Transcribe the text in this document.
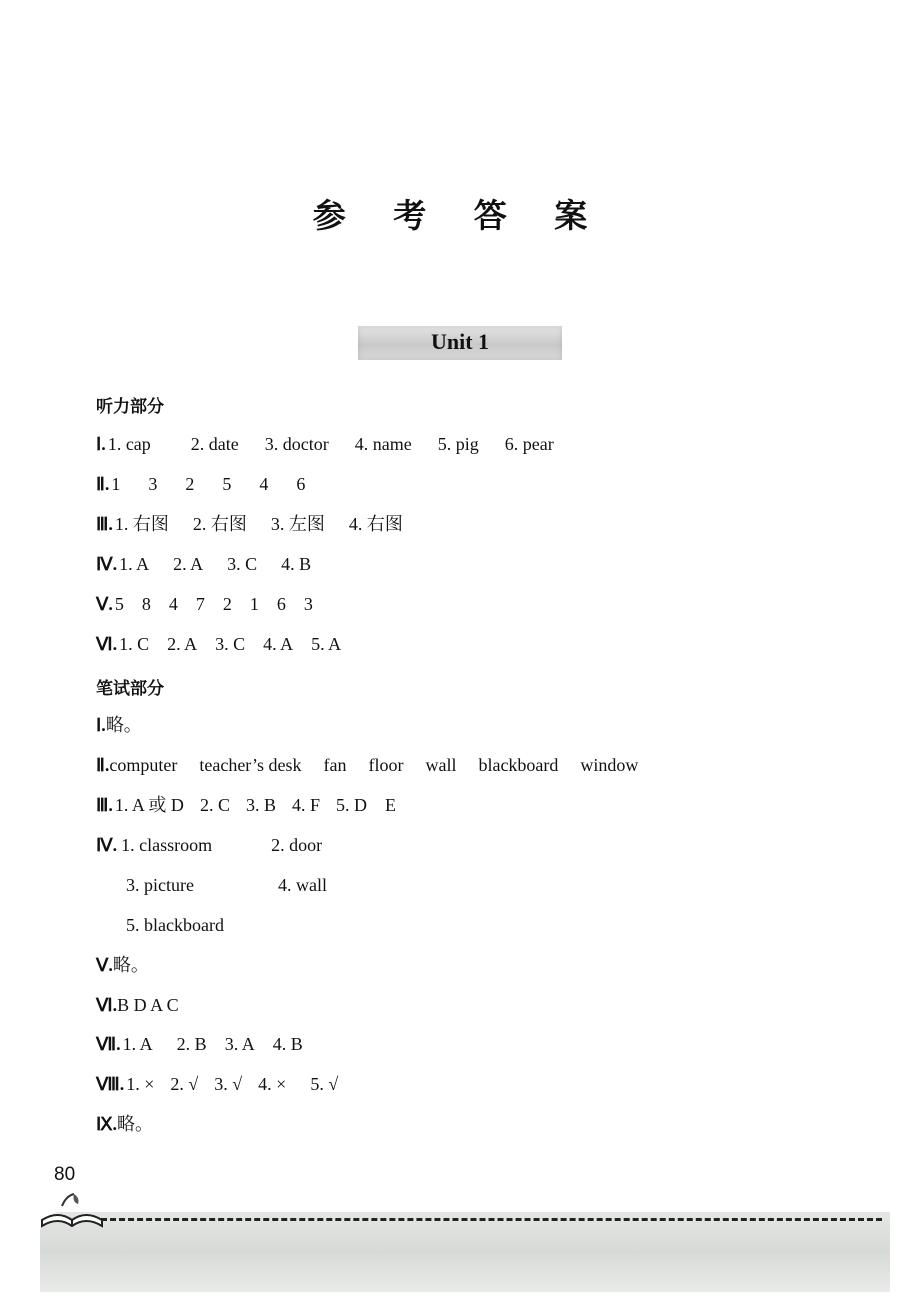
参 考 答 案
Unit 1
听力部分
Ⅰ. 1. cap 2. date 3. doctor 4. name 5. pig 6. pear
Ⅱ. 1 3 2 5 4 6
Ⅲ. 1. 右图 2. 右图 3. 左图 4. 右图
Ⅳ. 1. A 2. A 3. C 4. B
Ⅴ. 5 8 4 7 2 1 6 3
Ⅵ. 1. C 2. A 3. C 4. A 5. A
笔试部分
Ⅰ.略。
Ⅱ.computer teacher’s desk fan floor wall blackboard window
Ⅲ. 1. A 或 D 2. C 3. B 4. F 5. D E
Ⅳ. 1. classroom	2. door
3. picture	4. wall
5. blackboard
Ⅴ.略。
Ⅵ.B D A C
Ⅶ. 1. A 2. B 3. A 4. B
Ⅷ. 1. × 2. √ 3. √ 4. × 5. √
Ⅸ.略。
80
